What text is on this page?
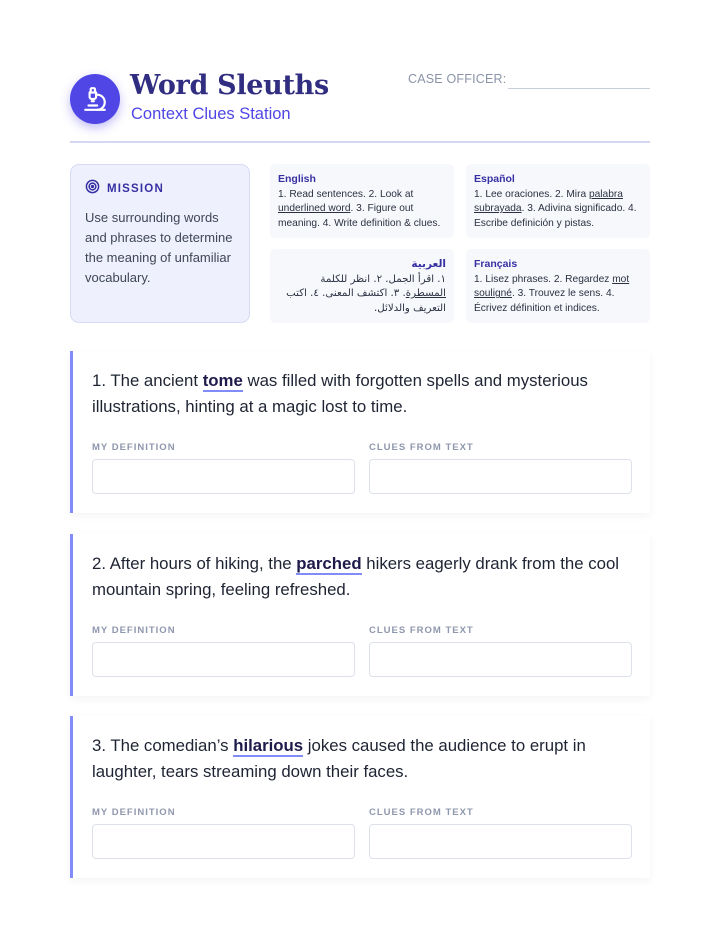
Word Sleuths
Context Clues Station
CASE OFFICER:
MISSION
Use surrounding words and phrases to determine the meaning of unfamiliar vocabulary.
English
1. Read sentences. 2. Look at underlined word. 3. Figure out meaning. 4. Write definition & clues.
Español
1. Lee oraciones. 2. Mira palabra subrayada. 3. Adivina significado. 4. Escribe definición y pistas.
العربية
١. اقرأ الجمل. ٢. انظر للكلمة المسطرة. ٣. اكتشف المعنى. ٤. اكتب التعريف والدلائل.
Français
1. Lisez phrases. 2. Regardez mot souligné. 3. Trouvez le sens. 4. Écrivez définition et indices.
1. The ancient tome was filled with forgotten spells and mysterious illustrations, hinting at a magic lost to time.
MY DEFINITION	CLUES FROM TEXT
2. After hours of hiking, the parched hikers eagerly drank from the cool mountain spring, feeling refreshed.
MY DEFINITION	CLUES FROM TEXT
3. The comedian’s hilarious jokes caused the audience to erupt in laughter, tears streaming down their faces.
MY DEFINITION	CLUES FROM TEXT
